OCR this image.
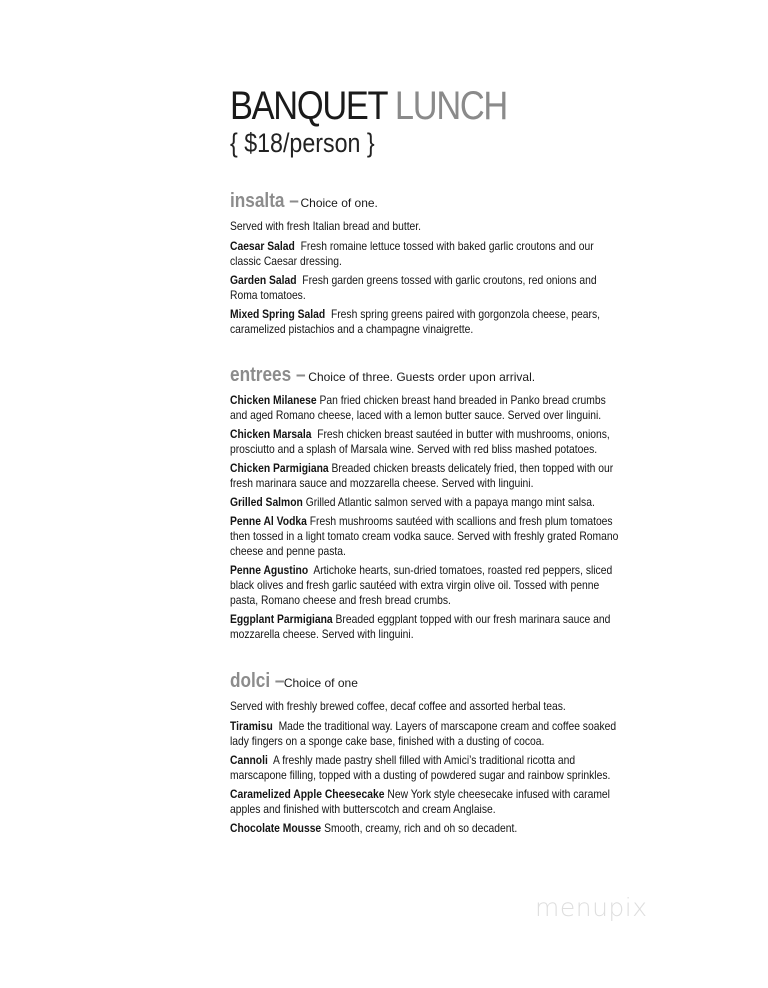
BANQUET LUNCH
{ $18/person }
insalta – Choice of one.
Served with fresh Italian bread and butter.
Caesar Salad Fresh romaine lettuce tossed with baked garlic croutons and our classic Caesar dressing.
Garden Salad Fresh garden greens tossed with garlic croutons, red onions and Roma tomatoes.
Mixed Spring Salad Fresh spring greens paired with gorgonzola cheese, pears, caramelized pistachios and a champagne vinaigrette.
entrees – Choice of three. Guests order upon arrival.
Chicken Milanese Pan fried chicken breast hand breaded in Panko bread crumbs and aged Romano cheese, laced with a lemon butter sauce. Served over linguini.
Chicken Marsala Fresh chicken breast sautéed in butter with mushrooms, onions, prosciutto and a splash of Marsala wine. Served with red bliss mashed potatoes.
Chicken Parmigiana Breaded chicken breasts delicately fried, then topped with our fresh marinara sauce and mozzarella cheese. Served with linguini.
Grilled Salmon Grilled Atlantic salmon served with a papaya mango mint salsa.
Penne Al Vodka Fresh mushrooms sautéed with scallions and fresh plum tomatoes then tossed in a light tomato cream vodka sauce. Served with freshly grated Romano cheese and penne pasta.
Penne Agustino Artichoke hearts, sun-dried tomatoes, roasted red peppers, sliced black olives and fresh garlic sautéed with extra virgin olive oil. Tossed with penne pasta, Romano cheese and fresh bread crumbs.
Eggplant Parmigiana Breaded eggplant topped with our fresh marinara sauce and mozzarella cheese. Served with linguini.
dolci – Choice of one
Served with freshly brewed coffee, decaf coffee and assorted herbal teas.
Tiramisu Made the traditional way. Layers of marscapone cream and coffee soaked lady fingers on a sponge cake base, finished with a dusting of cocoa.
Cannoli A freshly made pastry shell filled with Amici’s traditional ricotta and marscapone filling, topped with a dusting of powdered sugar and rainbow sprinkles.
Caramelized Apple Cheesecake New York style cheesecake infused with caramel apples and finished with butterscotch and cream Anglaise.
Chocolate Mousse Smooth, creamy, rich and oh so decadent.
menupix
